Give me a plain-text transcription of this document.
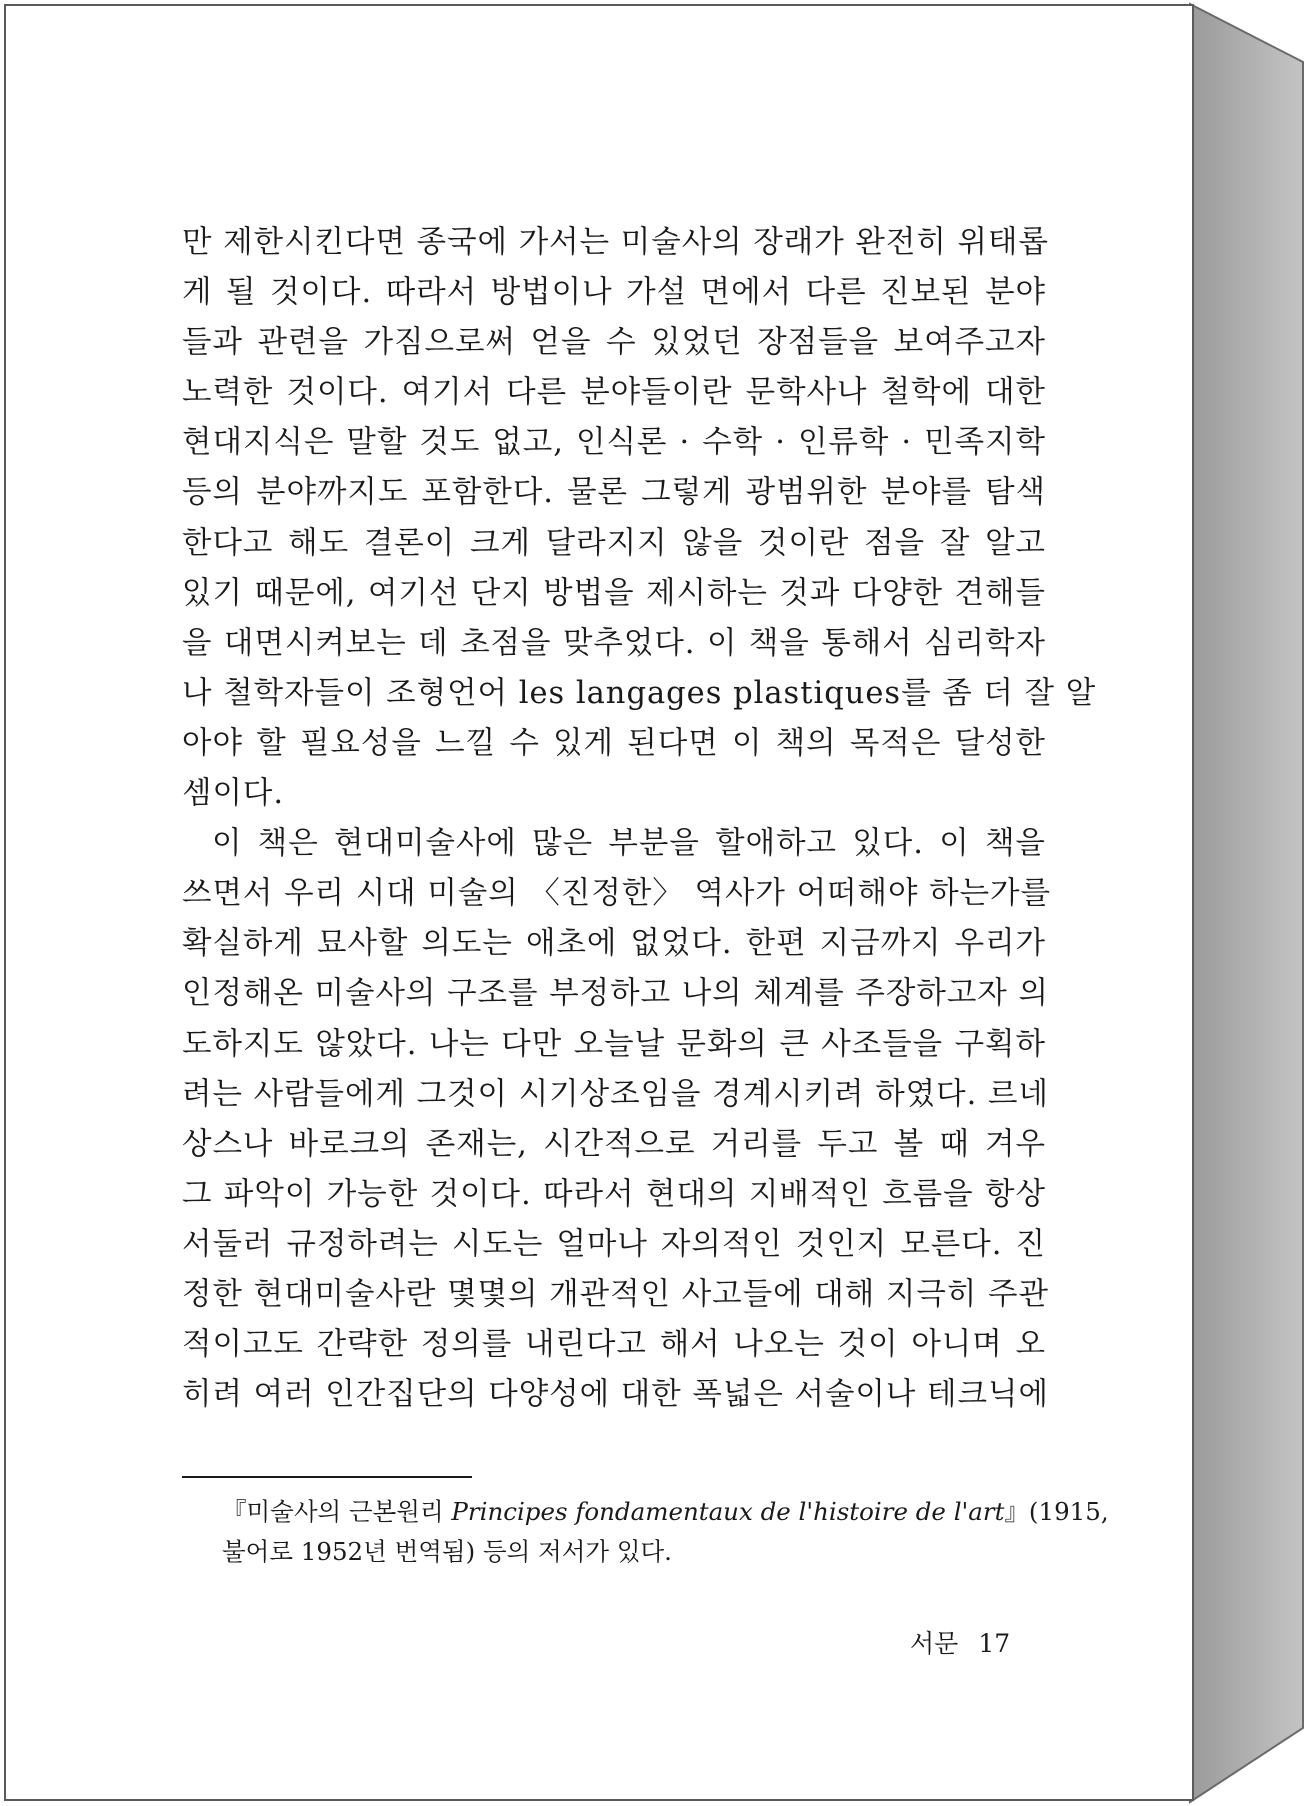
만 제한시킨다면 종국에 가서는 미술사의 장래가 완전히 위태롭
게 될 것이다. 따라서 방법이나 가설 면에서 다른 진보된 분야
들과 관련을 가짐으로써 얻을 수 있었던 장점들을 보여주고자
노력한 것이다. 여기서 다른 분야들이란 문학사나 철학에 대한
현대지식은 말할 것도 없고, 인식론 · 수학 · 인류학 · 민족지학
등의 분야까지도 포함한다. 물론 그렇게 광범위한 분야를 탐색
한다고 해도 결론이 크게 달라지지 않을 것이란 점을 잘 알고
있기 때문에, 여기선 단지 방법을 제시하는 것과 다양한 견해들
을 대면시켜보는 데 초점을 맞추었다. 이 책을 통해서 심리학자
나 철학자들이 조형언어 les langages plastiques를 좀 더 잘 알
아야 할 필요성을 느낄 수 있게 된다면 이 책의 목적은 달성한
셈이다.
이 책은 현대미술사에 많은 부분을 할애하고 있다. 이 책을
쓰면서 우리 시대 미술의 〈진정한〉 역사가 어떠해야 하는가를
확실하게 묘사할 의도는 애초에 없었다. 한편 지금까지 우리가
인정해온 미술사의 구조를 부정하고 나의 체계를 주장하고자 의
도하지도 않았다. 나는 다만 오늘날 문화의 큰 사조들을 구획하
려는 사람들에게 그것이 시기상조임을 경계시키려 하였다. 르네
상스나 바로크의 존재는, 시간적으로 거리를 두고 볼 때 겨우
그 파악이 가능한 것이다. 따라서 현대의 지배적인 흐름을 항상
서둘러 규정하려는 시도는 얼마나 자의적인 것인지 모른다. 진
정한 현대미술사란 몇몇의 개관적인 사고들에 대해 지극히 주관
적이고도 간략한 정의를 내린다고 해서 나오는 것이 아니며 오
히려 여러 인간집단의 다양성에 대한 폭넓은 서술이나 테크닉에
『미술사의 근본원리 Principes fondamentaux de l'histoire de l'art』(1915,
불어로 1952년 번역됨) 등의 저서가 있다.
서문 17
